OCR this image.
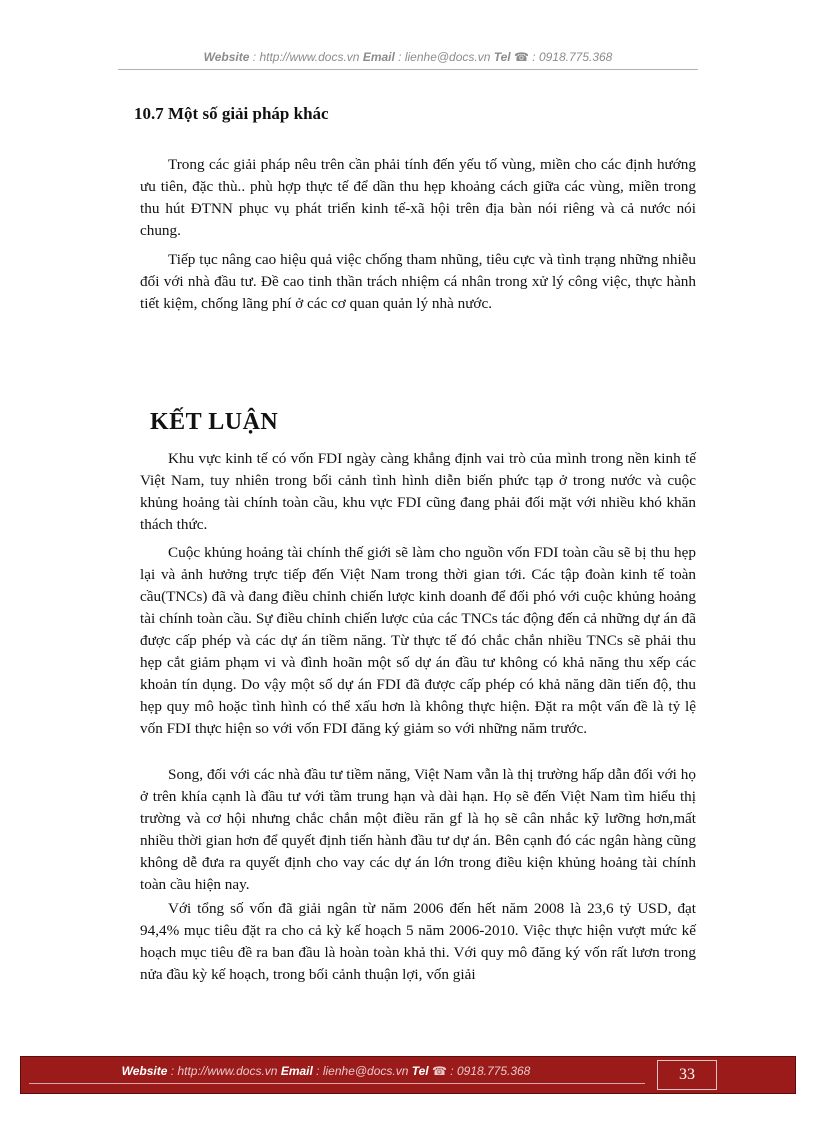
Website : http://www.docs.vn Email : lienhe@docs.vn Tel ☎ : 0918.775.368
10.7 Một số giải pháp khác

Trong các giải pháp nêu trên cần phải tính đến yếu tố vùng, miền cho các định hướng ưu tiên, đặc thù.. phù hợp thực tế để dần thu hẹp khoảng cách giữa các vùng, miền trong thu hút ĐTNN phục vụ phát triển kinh tế-xã hội trên địa bàn nói riêng và cả nước nói chung.

Tiếp tục nâng cao hiệu quả việc chống tham nhũng, tiêu cực và tình trạng những nhiễu đối với nhà đầu tư. Đề cao tinh thần trách nhiệm cá nhân trong xử lý công việc, thực hành tiết kiệm, chống lãng phí ở các cơ quan quản lý nhà nước.

KẾT LUẬN

Khu vực kinh tế có vốn FDI ngày càng khẳng định vai trò của mình trong nền kinh tế Việt Nam, tuy nhiên trong bối cảnh tình hình diễn biến phức tạp ở trong nước và cuộc khủng hoảng tài chính toàn cầu, khu vực FDI cũng đang phải đối mặt với nhiều khó khăn thách thức.

Cuộc khủng hoảng tài chính thế giới sẽ làm cho nguồn vốn FDI toàn cầu sẽ bị thu hẹp lại và ảnh hưởng trực tiếp đến Việt Nam trong thời gian tới. Các tập đoàn kinh tế toàn cầu(TNCs) đã và đang điều chỉnh chiến lược kinh doanh để đối phó với cuộc khủng hoảng tài chính toàn cầu. Sự điều chỉnh chiến lược của các TNCs tác động đến cả những dự án đã được cấp phép và các dự án tiềm năng. Từ thực tế đó chắc chắn nhiều TNCs sẽ phải thu hẹp cắt giảm phạm vi và đình hoãn một số dự án đầu tư không có khả năng thu xếp các khoản tín dụng. Do vậy một số dự án FDI đã được cấp phép có khả năng dãn tiến độ, thu hẹp quy mô hoặc tình hình có thể xấu hơn là không thực hiện. Đặt ra một vấn đề là tỷ lệ vốn FDI thực hiện so với vốn FDI đăng ký giảm so với những năm trước.

Song, đối với các nhà đầu tư tiềm năng, Việt Nam vẫn là thị trường hấp dẫn đối với họ ở trên khía cạnh là đầu tư với tầm trung hạn và dài hạn. Họ sẽ đến Việt Nam tìm hiểu thị trường và cơ hội nhưng chắc chắn một điều răn gf là họ sẽ cân nhắc kỹ lưỡng hơn,mất nhiều thời gian hơn để quyết định tiến hành đầu tư dự án. Bên cạnh đó các ngân hàng cũng không dễ đưa ra quyết định cho vay các dự án lớn trong điều kiện khủng hoảng tài chính toàn cầu hiện nay.

Với tổng số vốn đã giải ngân từ năm 2006 đến hết năm 2008 là 23,6 tỷ USD, đạt 94,4% mục tiêu đặt ra cho cả kỳ kế hoạch 5 năm 2006-2010. Việc thực hiện vượt mức kế hoạch mục tiêu đề ra ban đầu là hoàn toàn khả thi. Với quy mô đăng ký vốn rất lươn trong nửa đầu kỳ kế hoạch, trong bối cảnh thuận lợi, vốn giải

Website : http://www.docs.vn Email : lienhe@docs.vn Tel ☎ : 0918.775.368	33
